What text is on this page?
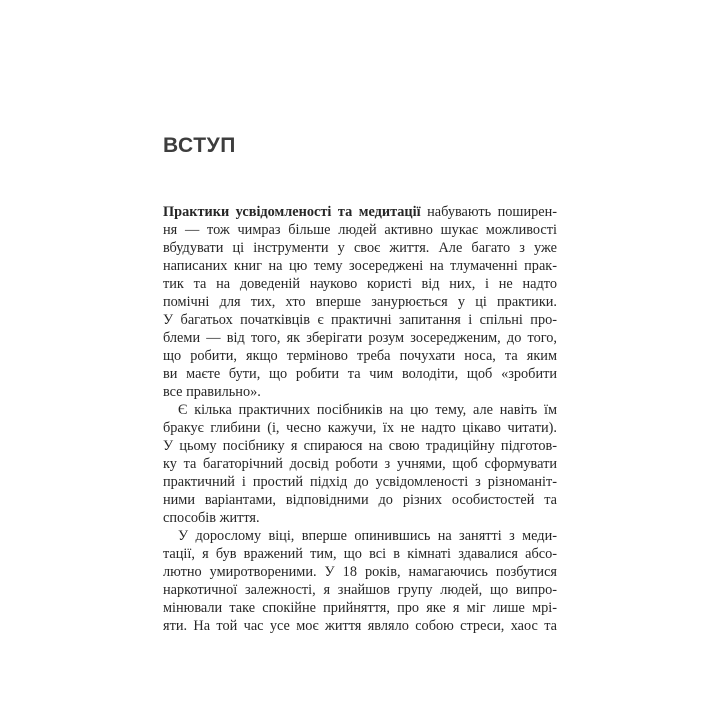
ВСТУП

Практики усвідомленості та медитації набувають поширен-

ня — тож чимраз більше людей активно шукає можливості

вбудувати ці інструменти у своє життя. Але багато з уже

написаних книг на цю тему зосереджені на тлумаченні прак-

тик та на доведеній науково користі від них, і не надто

помічні для тих, хто вперше занурюється у ці практики.

У багатьох початківців є практичні запитання і спільні про-

блеми — від того, як зберігати розум зосередженим, до того,

що робити, якщо терміново треба почухати носа, та яким

ви маєте бути, що робити та чим володіти, щоб «зробити

все правильно».

Є кілька практичних посібників на цю тему, але навіть їм

бракує глибини (і, чесно кажучи, їх не надто цікаво читати).

У цьому посібнику я спираюся на свою традиційну підготов-

ку та багаторічний досвід роботи з учнями, щоб сформувати

практичний і простий підхід до усвідомленості з різноманіт-

ними варіантами, відповідними до різних особистостей та

способів життя.

У дорослому віці, вперше опинившись на занятті з меди-

тації, я був вражений тим, що всі в кімнаті здавалися абсо-

лютно умиротвореними. У 18 років, намагаючись позбутися

наркотичної залежності, я знайшов групу людей, що випро-

мінювали таке спокійне прийняття, про яке я міг лише мрі-

яти. На той час усе моє життя являло собою стреси, хаос та
